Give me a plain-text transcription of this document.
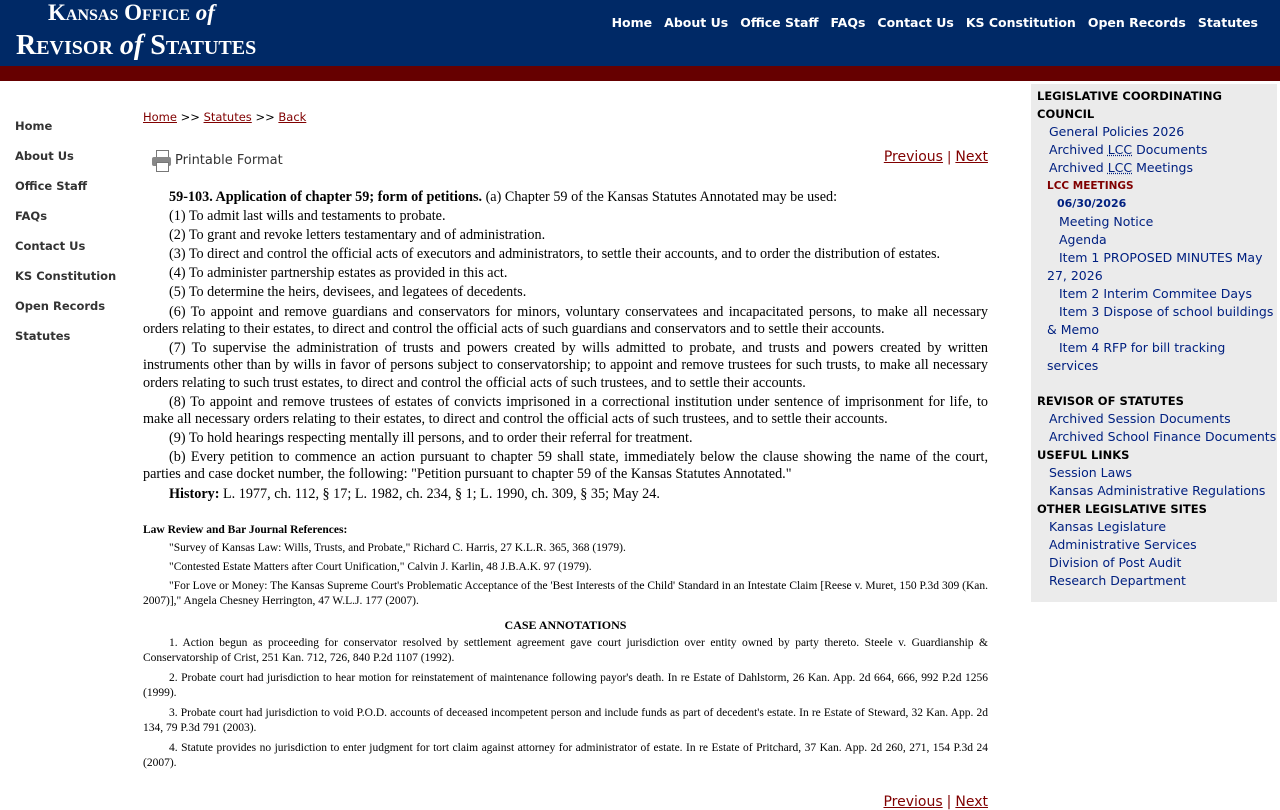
Kansas Office of
Revisor of Statutes
Home About Us Office Staff FAQs Contact Us KS Constitution Open Records Statutes
Home
About Us
Office Staff
FAQs
Contact Us
KS Constitution
Open Records
Statutes
Home >> Statutes >> Back
Printable Format	Previous | Next

59-103. Application of chapter 59; form of petitions. (a) Chapter 59 of the Kansas Statutes Annotated may be used:

(1) To admit last wills and testaments to probate.

(2) To grant and revoke letters testamentary and of administration.

(3) To direct and control the official acts of executors and administrators, to settle their accounts, and to order the distribution of estates.

(4) To administer partnership estates as provided in this act.

(5) To determine the heirs, devisees, and legatees of decedents.

(6) To appoint and remove guardians and conservators for minors, voluntary conservatees and incapacitated persons, to make all necessary orders relating to their estates, to direct and control the official acts of such guardians and conservators and to settle their accounts.

(7) To supervise the administration of trusts and powers created by wills admitted to probate, and trusts and powers created by written instruments other than by wills in favor of persons subject to conservatorship; to appoint and remove trustees for such trusts, to make all necessary orders relating to such trust estates, to direct and control the official acts of such trustees, and to settle their accounts.

(8) To appoint and remove trustees of estates of convicts imprisoned in a correctional institution under sentence of imprisonment for life, to make all necessary orders relating to their estates, to direct and control the official acts of such trustees, and to settle their accounts.

(9) To hold hearings respecting mentally ill persons, and to order their referral for treatment.

(b) Every petition to commence an action pursuant to chapter 59 shall state, immediately below the clause showing the name of the court, parties and case docket number, the following: "Petition pursuant to chapter 59 of the Kansas Statutes Annotated."

History: L. 1977, ch. 112, § 17; L. 1982, ch. 234, § 1; L. 1990, ch. 309, § 35; May 24.

Law Review and Bar Journal References:

"Survey of Kansas Law: Wills, Trusts, and Probate," Richard C. Harris, 27 K.L.R. 365, 368 (1979).

"Contested Estate Matters after Court Unification," Calvin J. Karlin, 48 J.B.A.K. 97 (1979).

"For Love or Money: The Kansas Supreme Court's Problematic Acceptance of the 'Best Interests of the Child' Standard in an Intestate Claim [Reese v. Muret, 150 P.3d 309 (Kan. 2007)]," Angela Chesney Herrington, 47 W.L.J. 177 (2007).

CASE ANNOTATIONS

1. Action begun as proceeding for conservator resolved by settlement agreement gave court jurisdiction over entity owned by party thereto. Steele v. Guardianship & Conservatorship of Crist, 251 Kan. 712, 726, 840 P.2d 1107 (1992).

2. Probate court had jurisdiction to hear motion for reinstatement of maintenance following payor's death. In re Estate of Dahlstorm, 26 Kan. App. 2d 664, 666, 992 P.2d 1256 (1999).

3. Probate court had jurisdiction to void P.O.D. accounts of deceased incompetent person and include funds as part of decedent's estate. In re Estate of Steward, 32 Kan. App. 2d 134, 79 P.3d 791 (2003).

4. Statute provides no jurisdiction to enter judgment for tort claim against attorney for administrator of estate. In re Estate of Pritchard, 37 Kan. App. 2d 260, 271, 154 P.3d 24 (2007).

Previous | Next
LEGISLATIVE COORDINATING COUNCIL
General Policies 2026
Archived LCC Documents
Archived LCC Meetings
LCC MEETINGS
06/30/2026
Meeting Notice
Agenda
Item 1 PROPOSED MINUTES May 27, 2026
Item 2 Interim Commitee Days
Item 3 Dispose of school buildings & Memo
Item 4 RFP for bill tracking services
REVISOR OF STATUTES
Archived Session Documents
Archived School Finance Documents
USEFUL LINKS
Session Laws
Kansas Administrative Regulations
OTHER LEGISLATIVE SITES
Kansas Legislature
Administrative Services
Division of Post Audit
Research Department
